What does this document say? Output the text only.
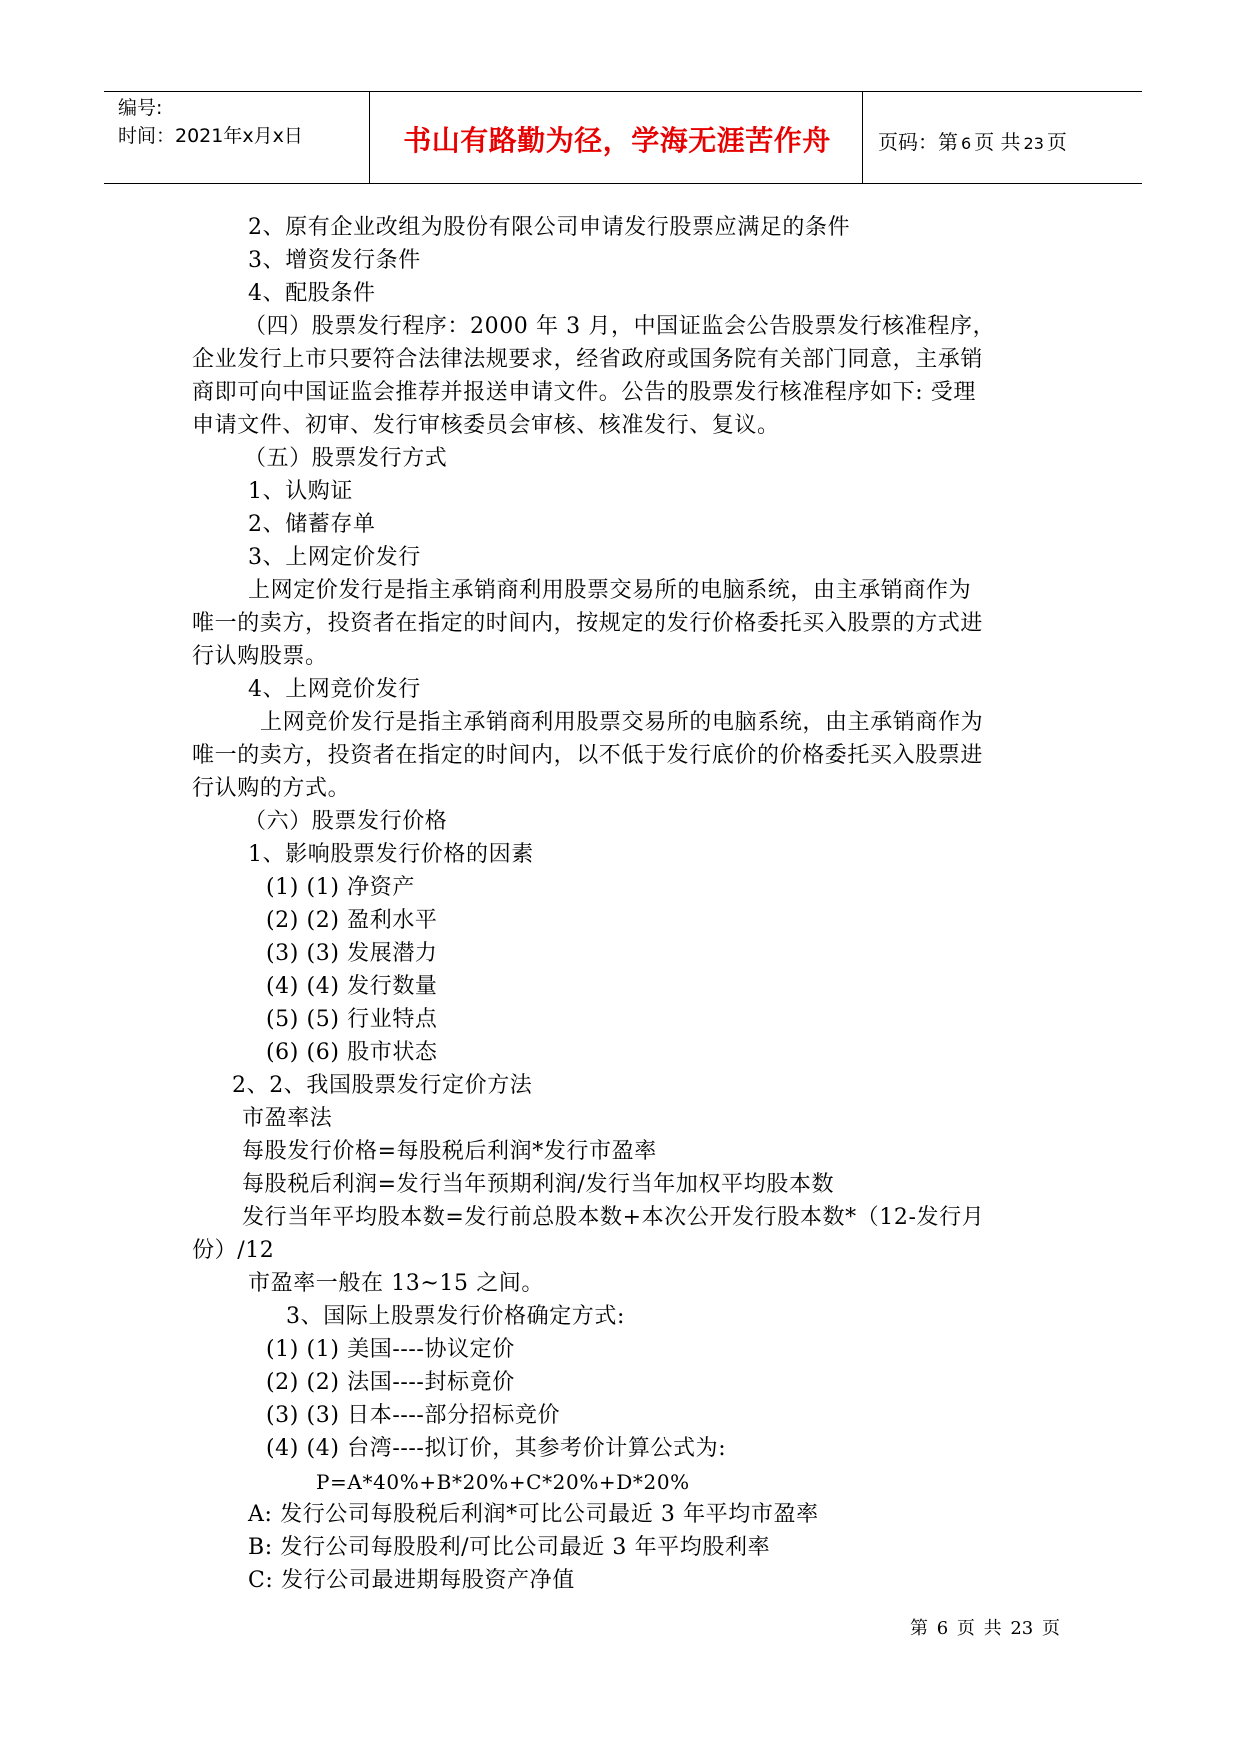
编号:
时间：2021年x月x日	书山有路勤为径，学海无涯苦作舟	页码：第 6 页 共 23 页
2、原有企业改组为股份有限公司申请发行股票应满足的条件
3、增资发行条件
4、配股条件
（四）股票发行程序：2000 年 3 月，中国证监会公告股票发行核准程序，
企业发行上市只要符合法律法规要求，经省政府或国务院有关部门同意，主承销
商即可向中国证监会推荐并报送申请文件。公告的股票发行核准程序如下: 受理
申请文件、初审、发行审核委员会审核、核准发行、复议。
（五）股票发行方式
1、认购证
2、储蓄存单
3、上网定价发行
上网定价发行是指主承销商利用股票交易所的电脑系统，由主承销商作为
唯一的卖方，投资者在指定的时间内，按规定的发行价格委托买入股票的方式进
行认购股票。
4、上网竞价发行
上网竞价发行是指主承销商利用股票交易所的电脑系统，由主承销商作为
唯一的卖方，投资者在指定的时间内，以不低于发行底价的价格委托买入股票进
行认购的方式。
（六）股票发行价格
1、影响股票发行价格的因素
(1) (1) 净资产
(2) (2) 盈利水平
(3) (3) 发展潜力
(4) (4) 发行数量
(5) (5) 行业特点
(6) (6) 股市状态
2、2、我国股票发行定价方法
市盈率法
每股发行价格=每股税后利润*发行市盈率
每股税后利润=发行当年预期利润/发行当年加权平均股本数
发行当年平均股本数=发行前总股本数+本次公开发行股本数*（12-发行月
份）/12
市盈率一般在 13~15 之间。
3、国际上股票发行价格确定方式:
(1) (1) 美国----协议定价
(2) (2) 法国----封标竟价
(3) (3) 日本----部分招标竞价
(4) (4) 台湾----拟订价，其参考价计算公式为:
P=A*40%+B*20%+C*20%+D*20%
A: 发行公司每股税后利润*可比公司最近 3 年平均市盈率
B: 发行公司每股股利/可比公司最近 3 年平均股利率
C: 发行公司最进期每股资产净值
第 6 页 共 23 页
